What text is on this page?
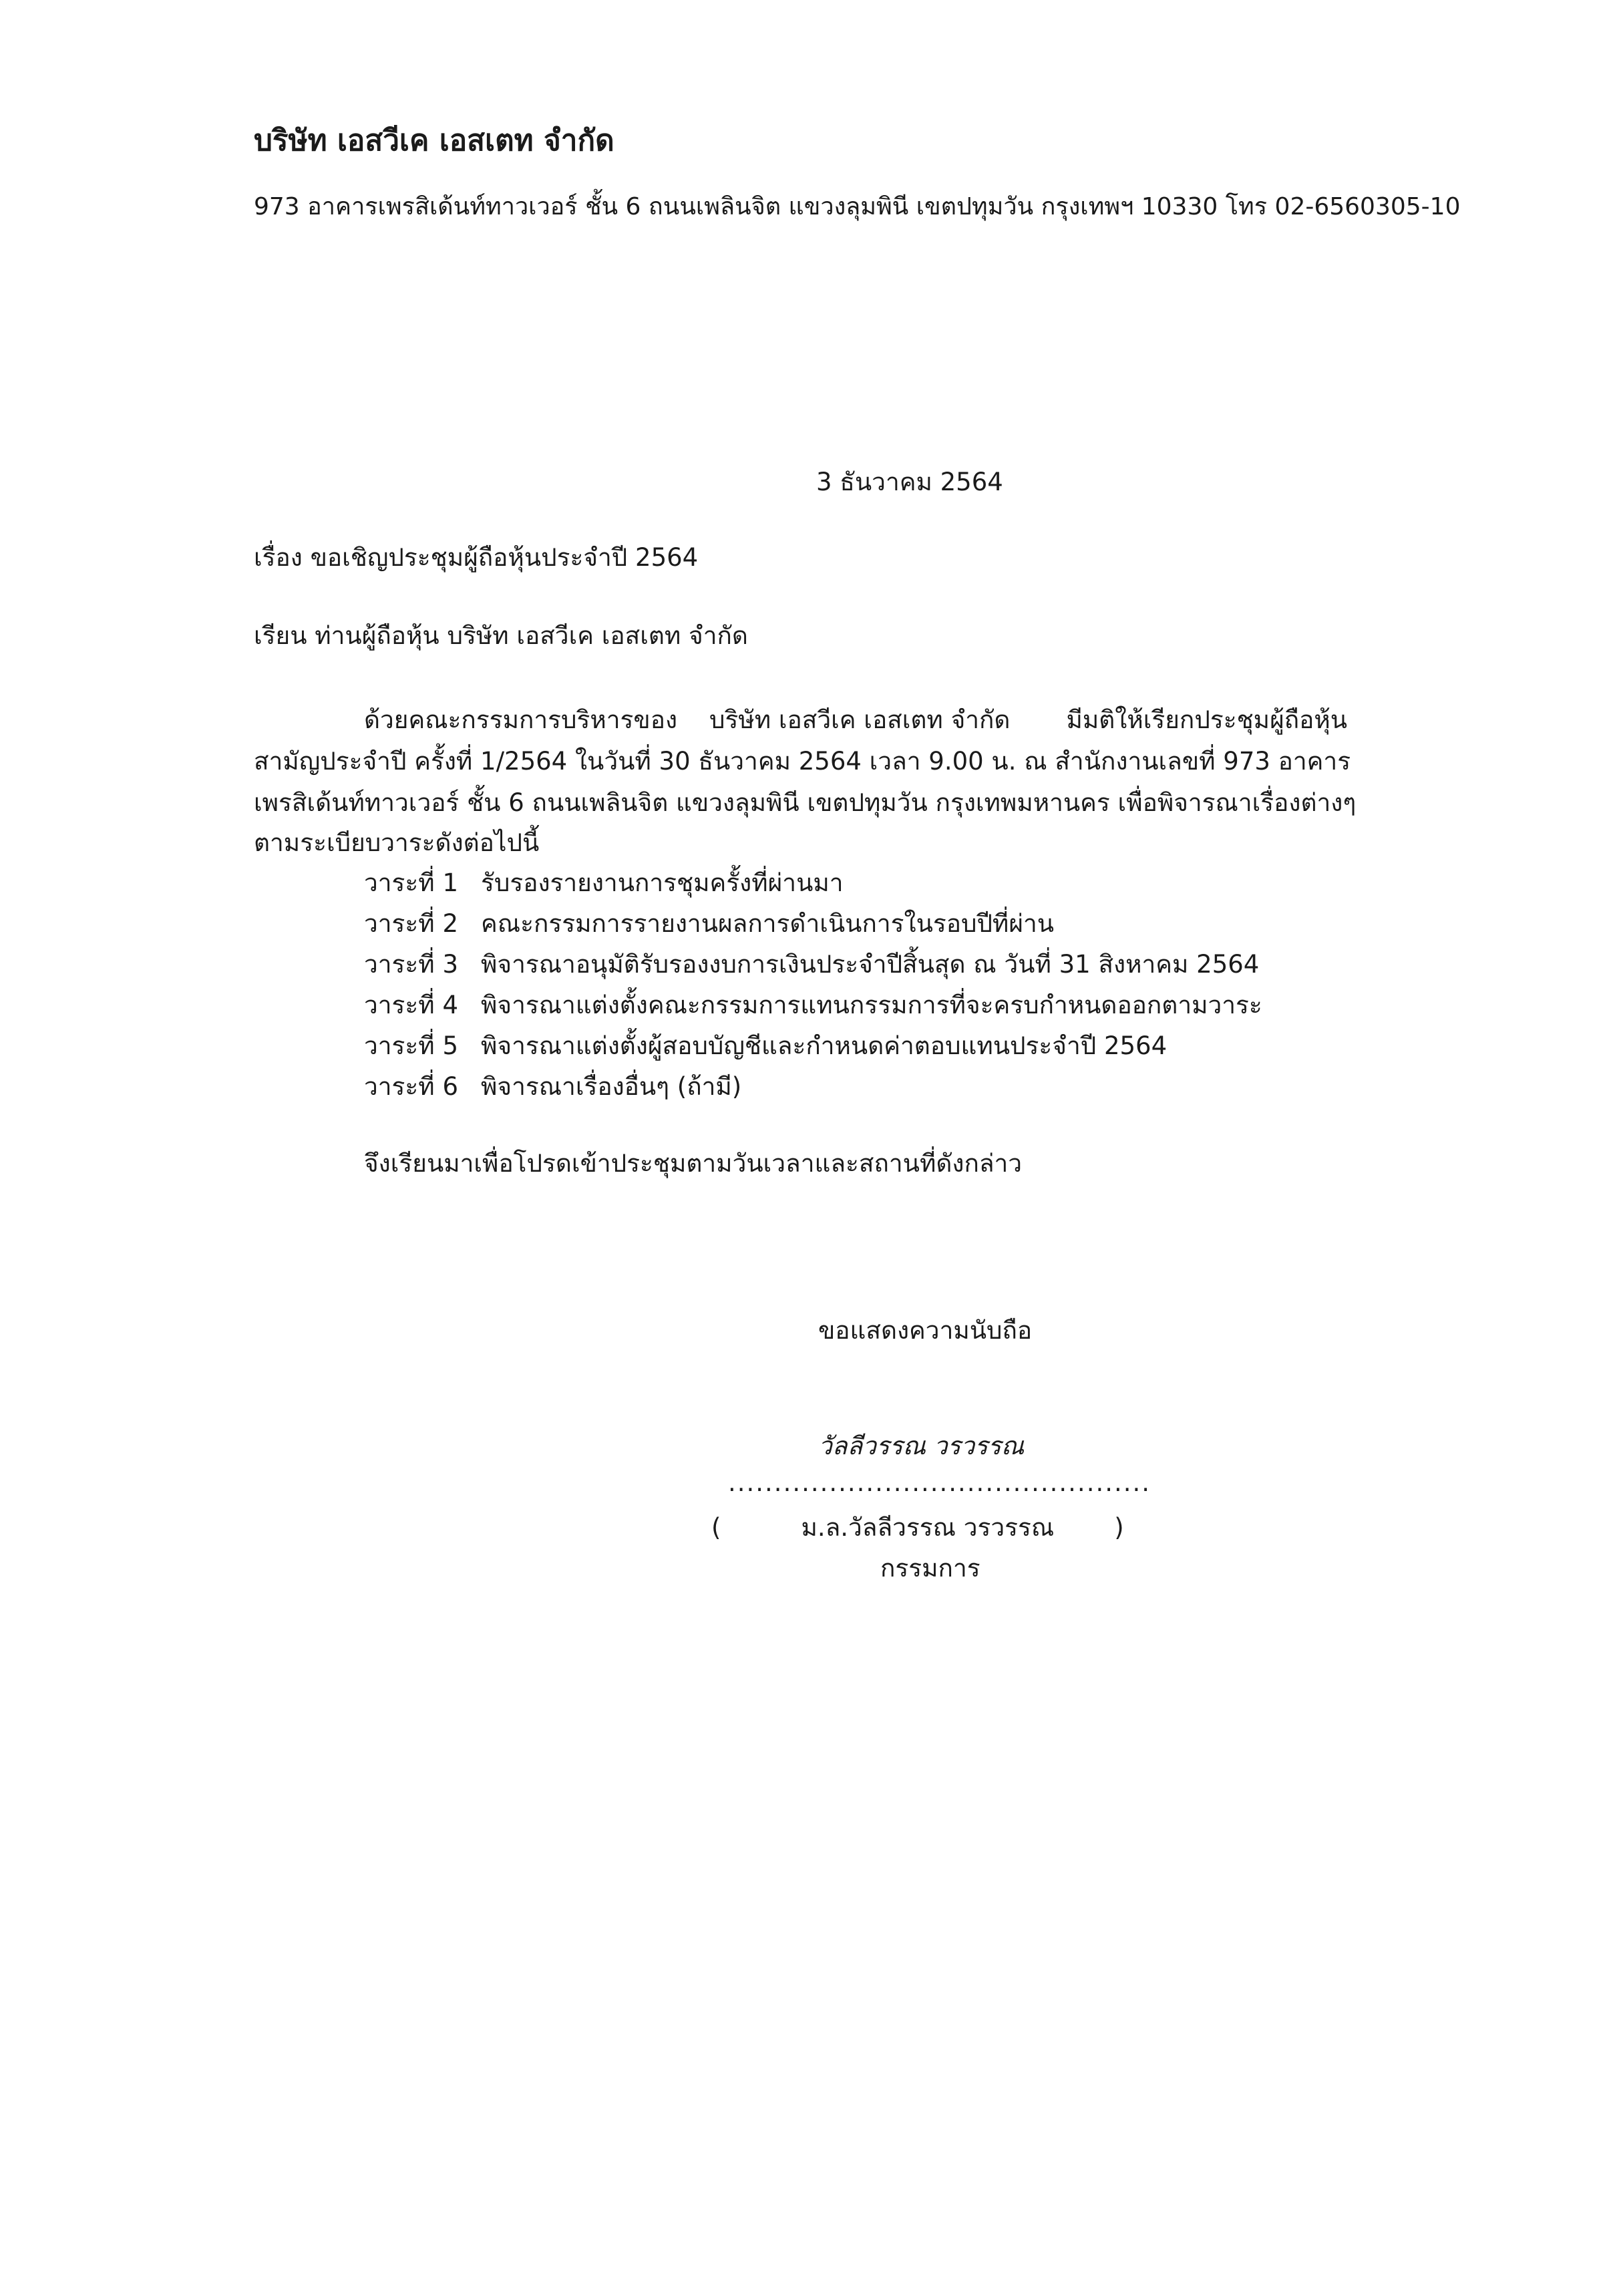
บริษัท เอสวีเค เอสเตท จำกัด
973 อาคารเพรสิเด้นท์ทาวเวอร์ ชั้น 6 ถนนเพลินจิต แขวงลุมพินี เขตปทุมวัน กรุงเทพฯ 10330 โทร 02-6560305-10
3 ธันวาคม 2564
เรื่อง ขอเชิญประชุมผู้ถือหุ้นประจำปี 2564
เรียน ท่านผู้ถือหุ้น บริษัท เอสวีเค เอสเตท จำกัด
ด้วยคณะกรรมการบริหารของ บริษัท เอสวีเค เอสเตท จำกัด มีมติให้เรียกประชุมผู้ถือหุ้น
สามัญประจำปี ครั้งที่ 1/2564 ในวันที่ 30 ธันวาคม 2564 เวลา 9.00 น. ณ สำนักงานเลขที่ 973 อาคาร
เพรสิเด้นท์ทาวเวอร์ ชั้น 6 ถนนเพลินจิต แขวงลุมพินี เขตปทุมวัน กรุงเทพมหานคร เพื่อพิจารณาเรื่องต่างๆ
ตามระเบียบวาระดังต่อไปนี้
วาระที่ 1 รับรองรายงานการชุมครั้งที่ผ่านมา
วาระที่ 2 คณะกรรมการรายงานผลการดำเนินการในรอบปีที่ผ่าน
วาระที่ 3 พิจารณาอนุมัติรับรองงบการเงินประจำปีสิ้นสุด ณ วันที่ 31 สิงหาคม 2564
วาระที่ 4 พิจารณาแต่งตั้งคณะกรรมการแทนกรรมการที่จะครบกำหนดออกตามวาระ
วาระที่ 5 พิจารณาแต่งตั้งผู้สอบบัญชีและกำหนดค่าตอบแทนประจำปี 2564
วาระที่ 6 พิจารณาเรื่องอื่นๆ (ถ้ามี)
จึงเรียนมาเพื่อโปรดเข้าประชุมตามวันเวลาและสถานที่ดังกล่าว
ขอแสดงความนับถือ
วัลลีวรรณ วรวรรณ
..............................................
(	ม.ล.วัลลีวรรณ วรวรรณ )
กรรมการ
